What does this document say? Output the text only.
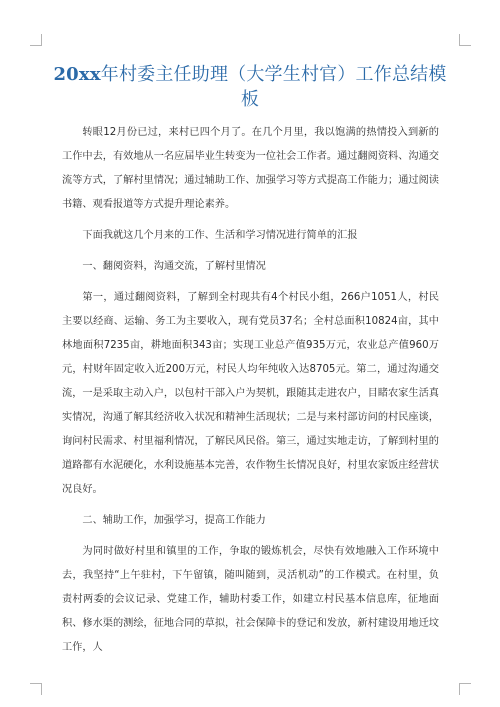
20xx年村委主任助理（大学生村官）工作总结模板

转眼12月份已过，来村已四个月了。在几个月里，我以饱满的热情投入到新的工作中去，有效地从一名应届毕业生转变为一位社会工作者。通过翻阅资料、沟通交流等方式，了解村里情况；通过辅助工作、加强学习等方式提高工作能力；通过阅读书籍、观看报道等方式提升理论素养。

下面我就这几个月来的工作、生活和学习情况进行简单的汇报

一、翻阅资料，沟通交流，了解村里情况

第一，通过翻阅资料，了解到全村现共有4个村民小组，266户1051人，村民主要以经商、运输、务工为主要收入，现有党员37名；全村总面积10824亩，其中林地面积7235亩，耕地面积343亩；实现工业总产值935万元，农业总产值960万元，村财年固定收入近200万元，村民人均年纯收入达8705元。第二，通过沟通交流，一是采取主动入户，以包村干部入户为契机，跟随其走进农户，目睹农家生活真实情况，沟通了解其经济收入状况和精神生活现状；二是与来村部访问的村民座谈，询问村民需求、村里福利情况，了解民风民俗。第三，通过实地走访，了解到村里的道路都有水泥硬化，水利设施基本完善，农作物生长情况良好，村里农家饭庄经营状况良好。

二、辅助工作，加强学习，提高工作能力

为同时做好村里和镇里的工作，争取的锻炼机会，尽快有效地融入工作环境中去，我坚持“上午驻村，下午留镇，随叫随到，灵活机动”的工作模式。在村里，负责村两委的会议记录、党建工作，辅助村委工作，如建立村民基本信息库，征地面积、修水渠的测绘，征地合同的草拟，社会保障卡的登记和发放，新村建设用地迁坟工作，人
